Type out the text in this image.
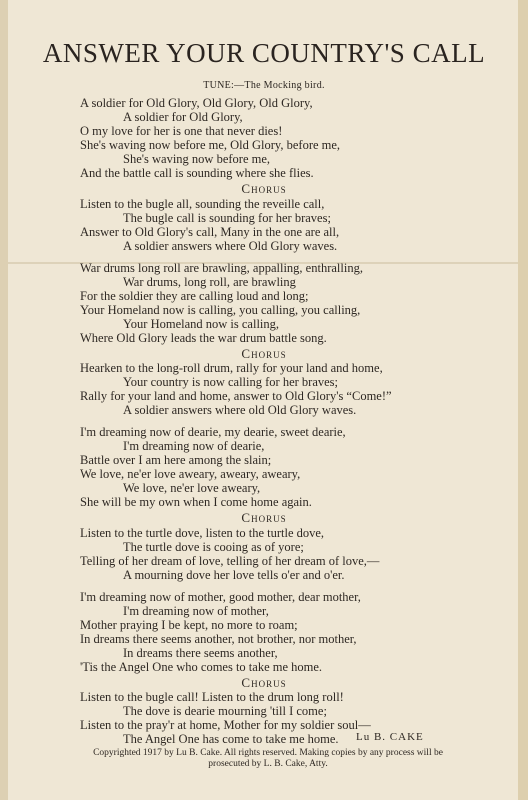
ANSWER YOUR COUNTRY'S CALL
TUNE:—The Mocking bird.
A soldier for Old Glory, Old Glory, Old Glory,
A soldier for Old Glory,
O my love for her is one that never dies!
She's waving now before me, Old Glory, before me,
She's waving now before me,
And the battle call is sounding where she flies.
Chorus
Listen to the bugle all, sounding the reveille call,
The bugle call is sounding for her braves;
Answer to Old Glory's call, Many in the one are all,
A soldier answers where Old Glory waves.
War drums long roll are brawling, appalling, enthralling,
War drums, long roll, are brawling
For the soldier they are calling loud and long;
Your Homeland now is calling, you calling, you calling,
Your Homeland now is calling,
Where Old Glory leads the war drum battle song.
Chorus
Hearken to the long-roll drum, rally for your land and home,
Your country is now calling for her braves;
Rally for your land and home, answer to Old Glory's “Come!”
A soldier answers where old Old Glory waves.
I'm dreaming now of dearie, my dearie, sweet dearie,
I'm dreaming now of dearie,
Battle over I am here among the slain;
We love, ne'er love aweary, aweary, aweary,
We love, ne'er love aweary,
She will be my own when I come home again.
Chorus
Listen to the turtle dove, listen to the turtle dove,
The turtle dove is cooing as of yore;
Telling of her dream of love, telling of her dream of love,—
A mourning dove her love tells o'er and o'er.
I'm dreaming now of mother, good mother, dear mother,
I'm dreaming now of mother,
Mother praying I be kept, no more to roam;
In dreams there seems another, not brother, nor mother,
In dreams there seems another,
'Tis the Angel One who comes to take me home.
Chorus
Listen to the bugle call! Listen to the drum long roll!
The dove is dearie mourning 'till I come;
Listen to the pray'r at home, Mother for my soldier soul—
The Angel One has come to take me home. Lu B. CAKE
Copyrighted 1917 by Lu B. Cake. All rights reserved. Making copies by any process will be prosecuted by L. B. Cake, Atty.
